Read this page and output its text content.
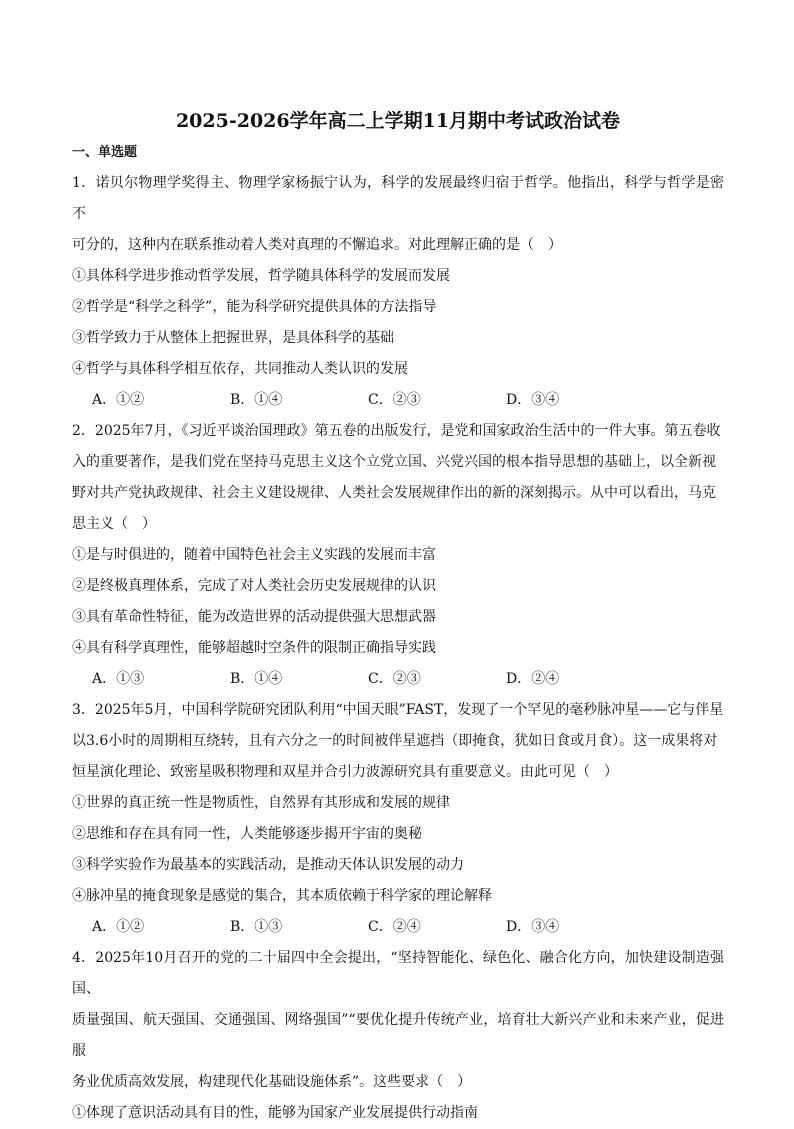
2025-2026学年高二上学期11月期中考试政治试卷
一、单选题

1．诺贝尔物理学奖得主、物理学家杨振宁认为，科学的发展最终归宿于哲学。他指出，科学与哲学是密不

可分的，这种内在联系推动着人类对真理的不懈追求。对此理解正确的是（　）

①具体科学进步推动哲学发展，哲学随具体科学的发展而发展

②哲学是“科学之科学”，能为科学研究提供具体的方法指导

③哲学致力于从整体上把握世界，是具体科学的基础

④哲学与具体科学相互依存，共同推动人类认识的发展

A．①②	B．①④	C．②③	D．③④

2．2025年7月，《习近平谈治国理政》第五卷的出版发行，是党和国家政治生活中的一件大事。第五卷收

入的重要著作，是我们党在坚持马克思主义这个立党立国、兴党兴国的根本指导思想的基础上，以全新视

野对共产党执政规律、社会主义建设规律、人类社会发展规律作出的新的深刻揭示。从中可以看出，马克

思主义（　）

①是与时俱进的，随着中国特色社会主义实践的发展而丰富

②是终极真理体系，完成了对人类社会历史发展规律的认识

③具有革命性特征，能为改造世界的活动提供强大思想武器

④具有科学真理性，能够超越时空条件的限制正确指导实践

A．①③	B．①④	C．②③	D．②④

3．2025年5月，中国科学院研究团队利用“中国天眼”FAST，发现了一个罕见的毫秒脉冲星——它与伴星

以3.6小时的周期相互绕转，且有六分之一的时间被伴星遮挡（即掩食，犹如日食或月食）。这一成果将对

恒星演化理论、致密星吸积物理和双星并合引力波源研究具有重要意义。由此可见（　）

①世界的真正统一性是物质性，自然界有其形成和发展的规律

②思维和存在具有同一性，人类能够逐步揭开宇宙的奥秘

③科学实验作为最基本的实践活动，是推动天体认识发展的动力

④脉冲星的掩食现象是感觉的集合，其本质依赖于科学家的理论解释

A．①②	B．①③	C．②④	D．③④

4．2025年10月召开的党的二十届四中全会提出，“坚持智能化、绿色化、融合化方向，加快建设制造强国、

质量强国、航天强国、交通强国、网络强国”“要优化提升传统产业，培育壮大新兴产业和未来产业，促进服

务业优质高效发展，构建现代化基础设施体系”。这些要求（　）

①体现了意识活动具有目的性，能够为国家产业发展提供行动指南
